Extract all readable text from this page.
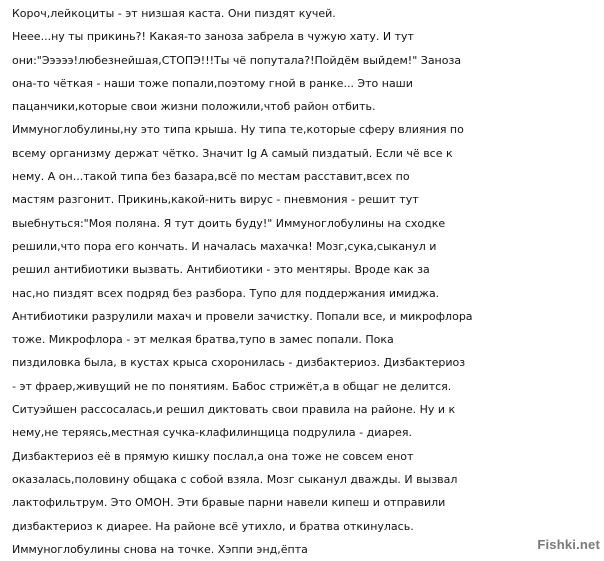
Короч,лейкоциты - эт низшая каста. Они пиздят кучей.
Нееe...ну ты прикинь?! Какая-то заноза забрела в чужую хату. И тут
они:"Эээээ!любезнейшая,СТОПЭ!!!Ты чё попутала?!Пойдём выйдем!" Заноза
она-то чёткая - наши тоже попали,поэтому гной в ранке... Это наши
пацанчики,которые свои жизни положили,чтоб район отбить.
Иммуноглобулины,ну это типа крыша. Ну типа те,которые сферу влияния по
всему организму держат чётко. Значит Ig A самый пиздатый. Если чё все к
нему. А он...такой типа без базара,всё по местам расставит,всех по
мастям разгонит. Прикинь,какой-нить вирус - пневмония - решит тут
выебнуться:"Моя поляна. Я тут доить буду!" Иммуноглобулины на сходке
решили,что пора его кончать. И началась махачка! Мозг,сука,сыканул и
решил антибиотики вызвать. Антибиотики - это ментяры. Вроде как за
нас,но пиздят всех подряд без разбора. Тупо для поддержания имиджа.
Антибиотики разрулили махач и провели зачистку. Попали все, и микрофлора
тоже. Микрофлора - эт мелкая братва,тупо в замес попали. Пока
пиздиловка была, в кустах крыса схоронилась - дизбактериоз. Дизбактериоз
- эт фраер,живущий не по понятиям. Бабос стрижёт,а в общаг не делится.
Ситуэйшен рассосалась,и решил диктовать свои правила на районе. Ну и к
нему,не теряясь,местная сучка-клафилинщица подрулила - диарея.
Дизбактериоз её в прямую кишку послал,а она тоже не совсем енот
оказалась,половину общака с собой взяла. Мозг сыканул дважды. И вызвал
лактофильтрум. Это ОМОН. Эти бравые парни навели кипеш и отправили
дизбактериоз к диарее. На районе всё утихло, и братва откинулась.
Иммуноглобулины снова на точке. Хэппи энд,ёпта	Fishki.net
